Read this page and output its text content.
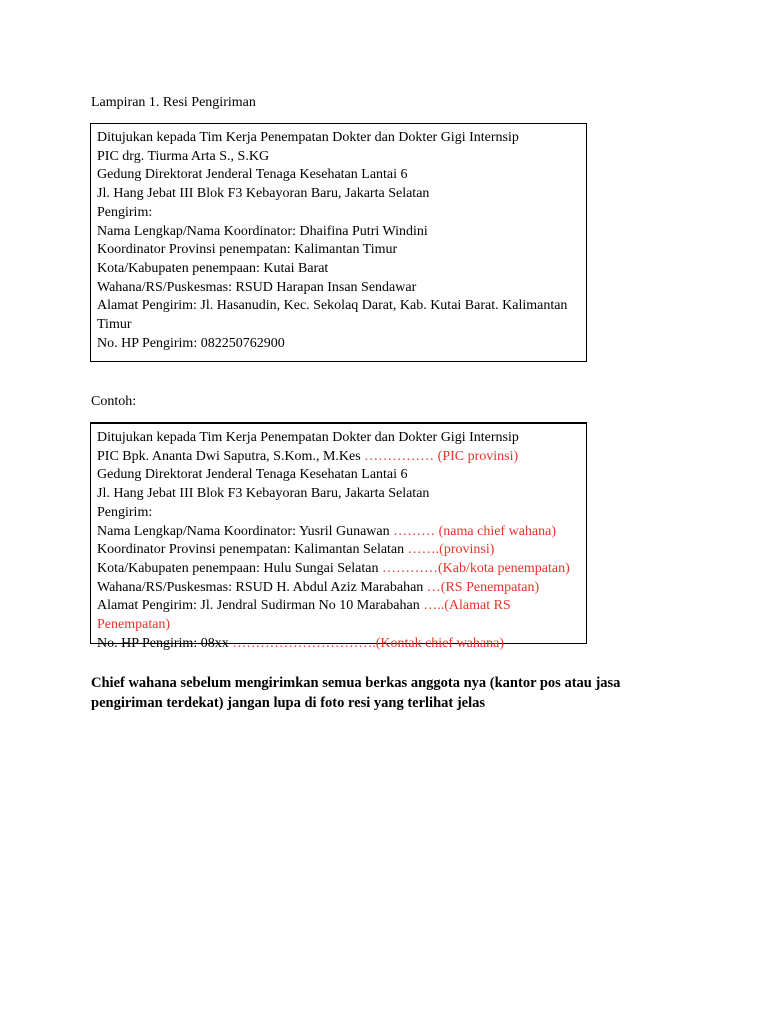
Lampiran 1. Resi Pengiriman
Ditujukan kepada Tim Kerja Penempatan Dokter dan Dokter Gigi Internsip
PIC drg. Tiurma Arta S., S.KG
Gedung Direktorat Jenderal Tenaga Kesehatan Lantai 6
Jl. Hang Jebat III Blok F3 Kebayoran Baru, Jakarta Selatan
Pengirim:
Nama Lengkap/Nama Koordinator: Dhaifina Putri Windini
Koordinator Provinsi penempatan: Kalimantan Timur
Kota/Kabupaten penempaan: Kutai Barat
Wahana/RS/Puskesmas: RSUD Harapan Insan Sendawar
Alamat Pengirim: Jl. Hasanudin, Kec. Sekolaq Darat, Kab. Kutai Barat. Kalimantan Timur
No. HP Pengirim: 082250762900
Contoh:
Ditujukan kepada Tim Kerja Penempatan Dokter dan Dokter Gigi Internsip
PIC Bpk. Ananta Dwi Saputra, S.Kom., M.Kes …………… (PIC provinsi)
Gedung Direktorat Jenderal Tenaga Kesehatan Lantai 6
Jl. Hang Jebat III Blok F3 Kebayoran Baru, Jakarta Selatan
Pengirim:
Nama Lengkap/Nama Koordinator: Yusril Gunawan ……… (nama chief wahana)
Koordinator Provinsi penempatan: Kalimantan Selatan …….(provinsi)
Kota/Kabupaten penempaan: Hulu Sungai Selatan …………(Kab/kota penempatan)
Wahana/RS/Puskesmas: RSUD H. Abdul Aziz Marabahan …(RS Penempatan)
Alamat Pengirim: Jl. Jendral Sudirman No 10 Marabahan …..(Alamat RS Penempatan)
No. HP Pengirim: 08xx ………………………….(Kontak chief wahana)
Chief wahana sebelum mengirimkan semua berkas anggota nya (kantor pos atau jasa pengiriman terdekat) jangan lupa di foto resi yang terlihat jelas
